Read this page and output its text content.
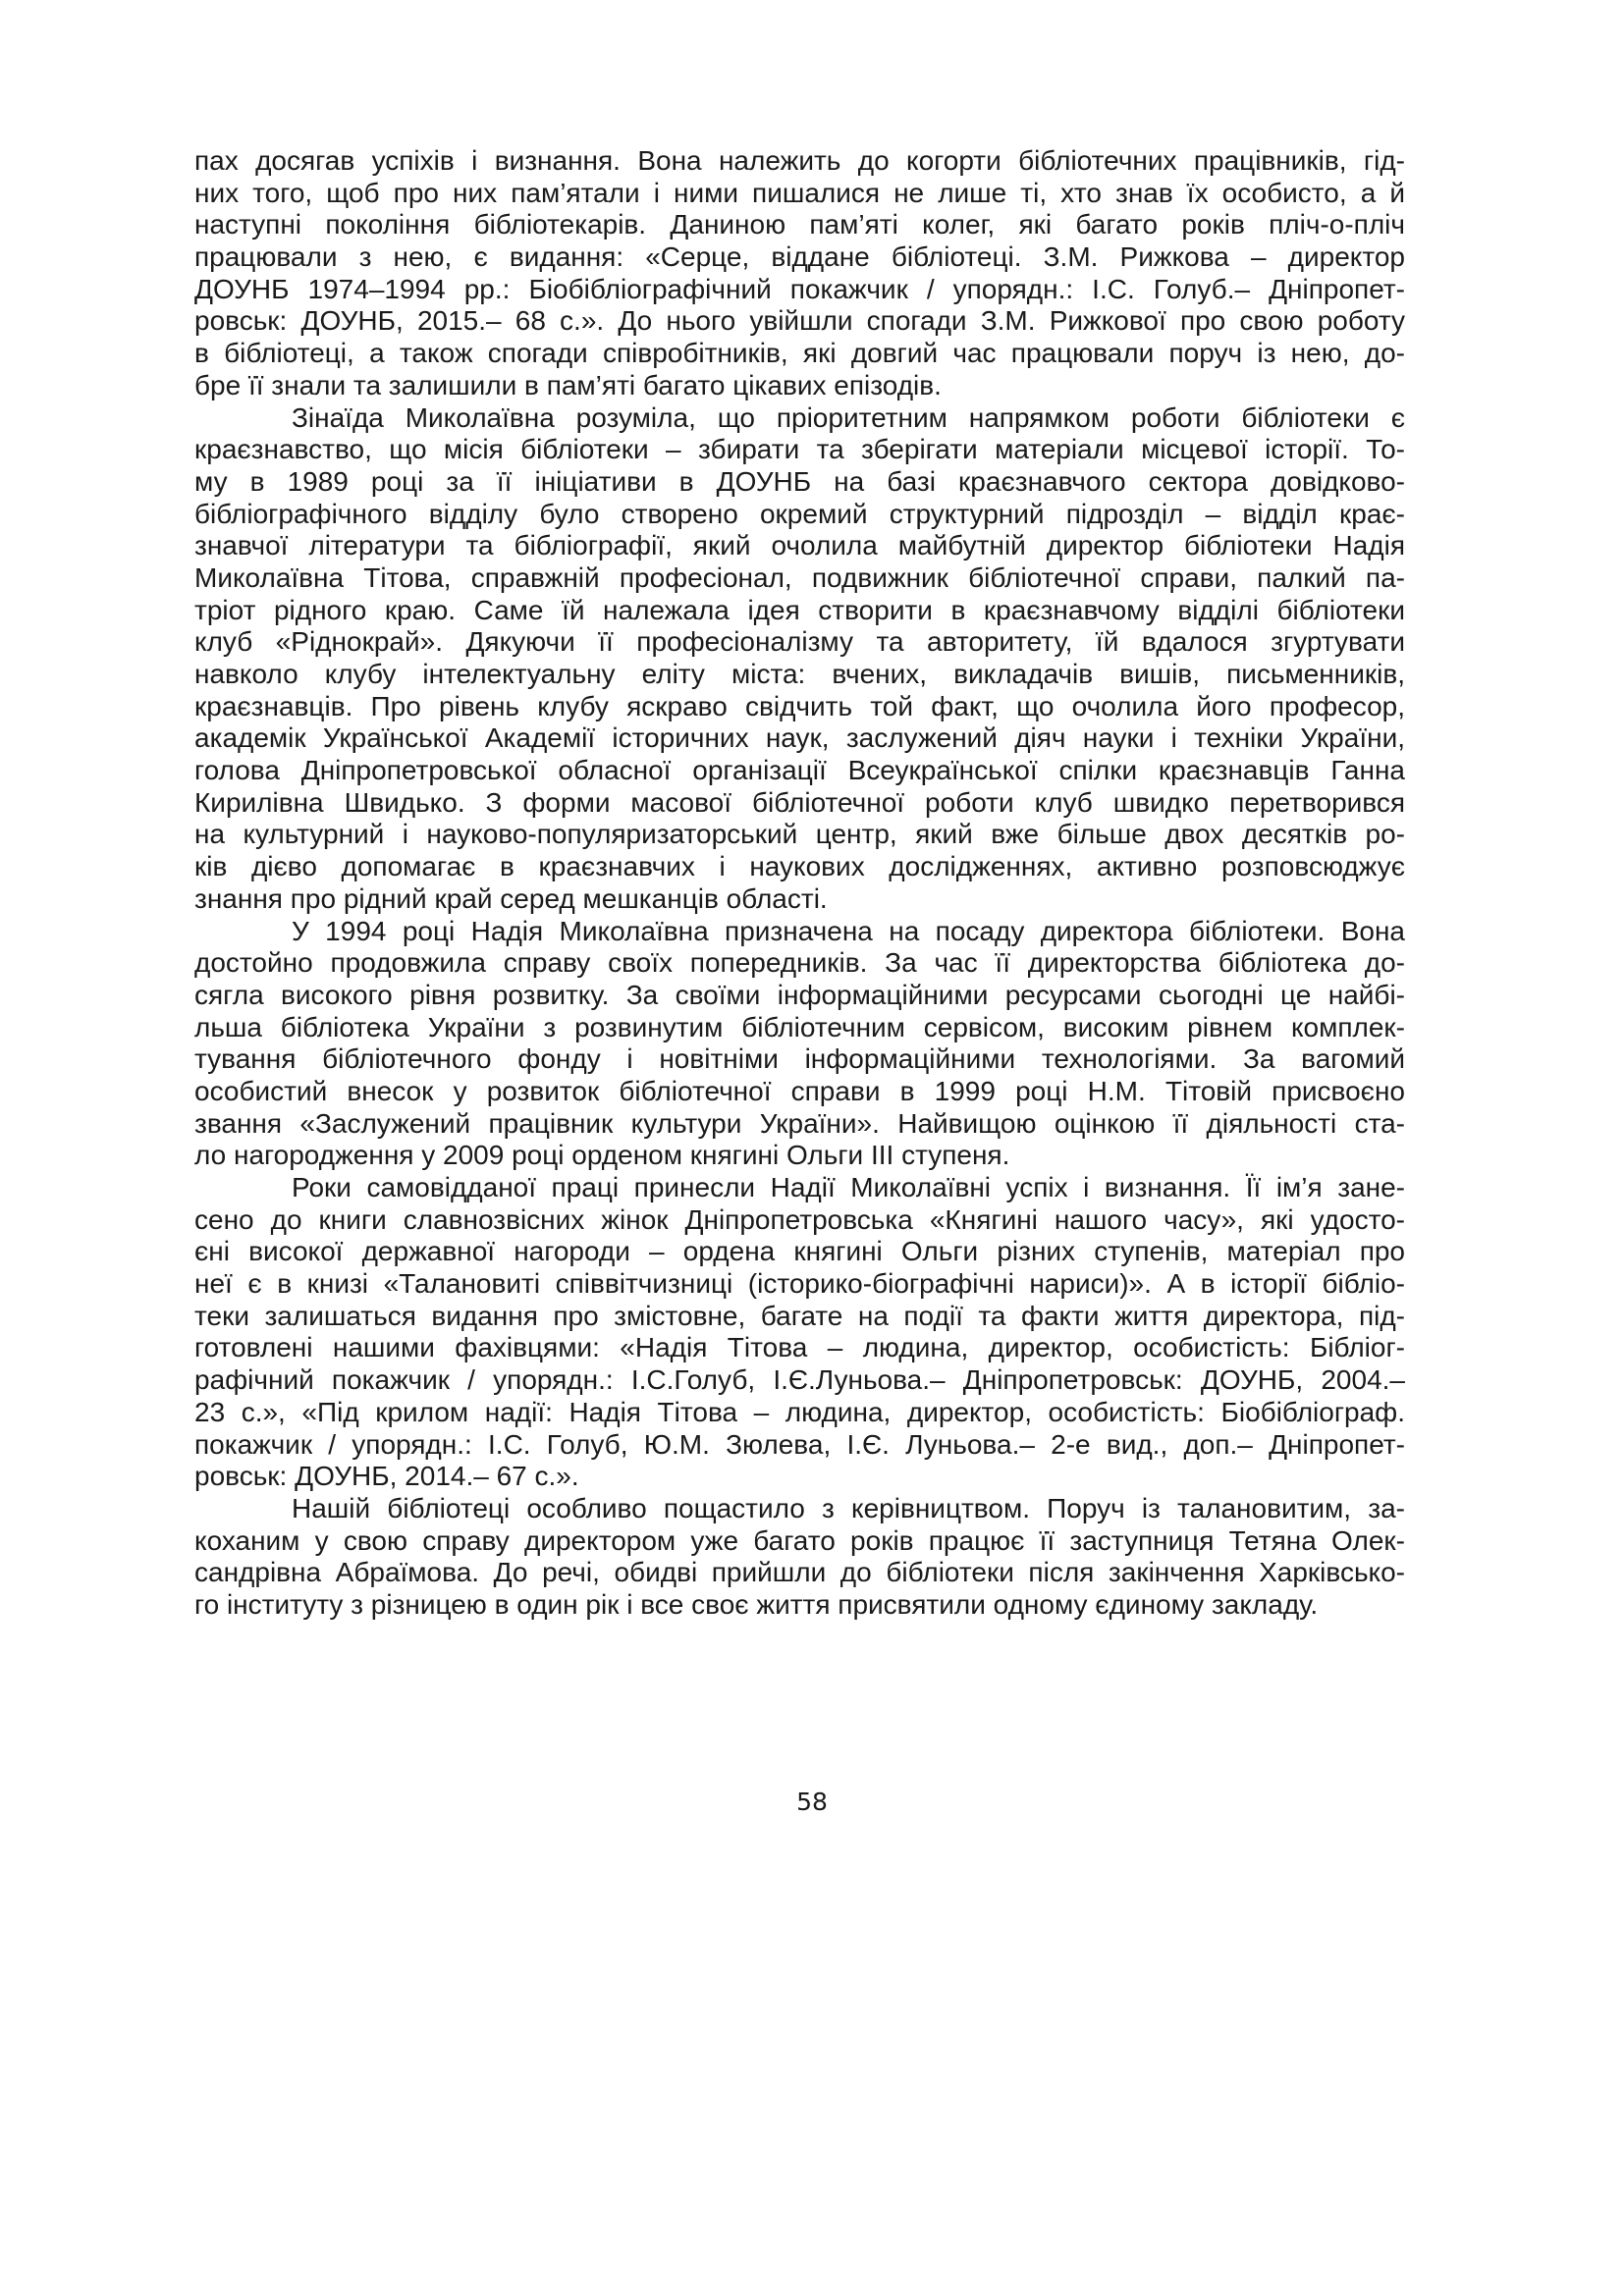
пах досягав успіхів і визнання. Вона належить до когорти бібліотечних працівників, гід-
них того, щоб про них пам’ятали і ними пишалися не лише ті, хто знав їх особисто, а й
наступні покоління бібліотекарів. Даниною пам’яті колег, які багато років пліч-о-пліч
працювали з нею, є видання: «Серце, віддане бібліотеці. З.М. Рижкова – директор
ДОУНБ 1974–1994 рр.: Біобібліографічний покажчик / упорядн.: І.С. Голуб.– Дніпропет-
ровськ: ДОУНБ, 2015.– 68 с.». До нього увійшли спогади З.М. Рижкової про свою роботу
в бібліотеці, а також спогади співробітників, які довгий час працювали поруч із нею, до-
бре її знали та залишили в пам’яті багато цікавих епізодів.
Зінаїда Миколаївна розуміла, що пріоритетним напрямком роботи бібліотеки є
краєзнавство, що місія бібліотеки – збирати та зберігати матеріали місцевої історії. То-
му в 1989 році за її ініціативи в ДОУНБ на базі краєзнавчого сектора довідково-
бібліографічного відділу було створено окремий структурний підрозділ – відділ крає-
знавчої літератури та бібліографії, який очолила майбутній директор бібліотеки Надія
Миколаївна Тітова, справжній професіонал, подвижник бібліотечної справи, палкий па-
тріот рідного краю. Саме їй належала ідея створити в краєзнавчому відділі бібліотеки
клуб «Ріднокрай». Дякуючи її професіоналізму та авторитету, їй вдалося згуртувати
навколо клубу інтелектуальну еліту міста: вчених, викладачів вишів, письменників,
краєзнавців. Про рівень клубу яскраво свідчить той факт, що очолила його професор,
академік Української Академії історичних наук, заслужений діяч науки і техніки України,
голова Дніпропетровської обласної організації Всеукраїнської спілки краєзнавців Ганна
Кирилівна Швидько. З форми масової бібліотечної роботи клуб швидко перетворився
на культурний і науково-популяризаторський центр, який вже більше двох десятків ро-
ків дієво допомагає в краєзнавчих і наукових дослідженнях, активно розповсюджує
знання про рідний край серед мешканців області.
У 1994 році Надія Миколаївна призначена на посаду директора бібліотеки. Вона
достойно продовжила справу своїх попередників. За час її директорства бібліотека до-
сягла високого рівня розвитку. За своїми інформаційними ресурсами сьогодні це найбі-
льша бібліотека України з розвинутим бібліотечним сервісом, високим рівнем комплек-
тування бібліотечного фонду і новітніми інформаційними технологіями. За вагомий
особистий внесок у розвиток бібліотечної справи в 1999 році Н.М. Тітовій присвоєно
звання «Заслужений працівник культури України». Найвищою оцінкою її діяльності ста-
ло нагородження у 2009 році орденом княгині Ольги ІІІ ступеня.
Роки самовідданої праці принесли Надії Миколаївні успіх і визнання. Її ім’я зане-
сено до книги славнозвісних жінок Дніпропетровська «Княгині нашого часу», які удосто-
єні високої державної нагороди – ордена княгині Ольги різних ступенів, матеріал про
неї є в книзі «Талановиті співвітчизниці (історико-біографічні нариси)». А в історії бібліо-
теки залишаться видання про змістовне, багате на події та факти життя директора, під-
готовлені нашими фахівцями: «Надія Тітова – людина, директор, особистість: Бібліог-
рафічний покажчик / упорядн.: І.С.Голуб, І.Є.Луньова.– Дніпропетровськ: ДОУНБ, 2004.–
23 с.», «Під крилом надії: Надія Тітова – людина, директор, особистість: Біобібліограф.
покажчик / упорядн.: І.С. Голуб, Ю.М. Зюлева, І.Є. Луньова.– 2-е вид., доп.– Дніпропет-
ровськ: ДОУНБ, 2014.– 67 с.».
Нашій бібліотеці особливо пощастило з керівництвом. Поруч із талановитим, за-
коханим у свою справу директором уже багато років працює її заступниця Тетяна Олек-
сандрівна Абраїмова. До речі, обидві прийшли до бібліотеки після закінчення Харківсько-
го інституту з різницею в один рік і все своє життя присвятили одному єдиному закладу.
58
